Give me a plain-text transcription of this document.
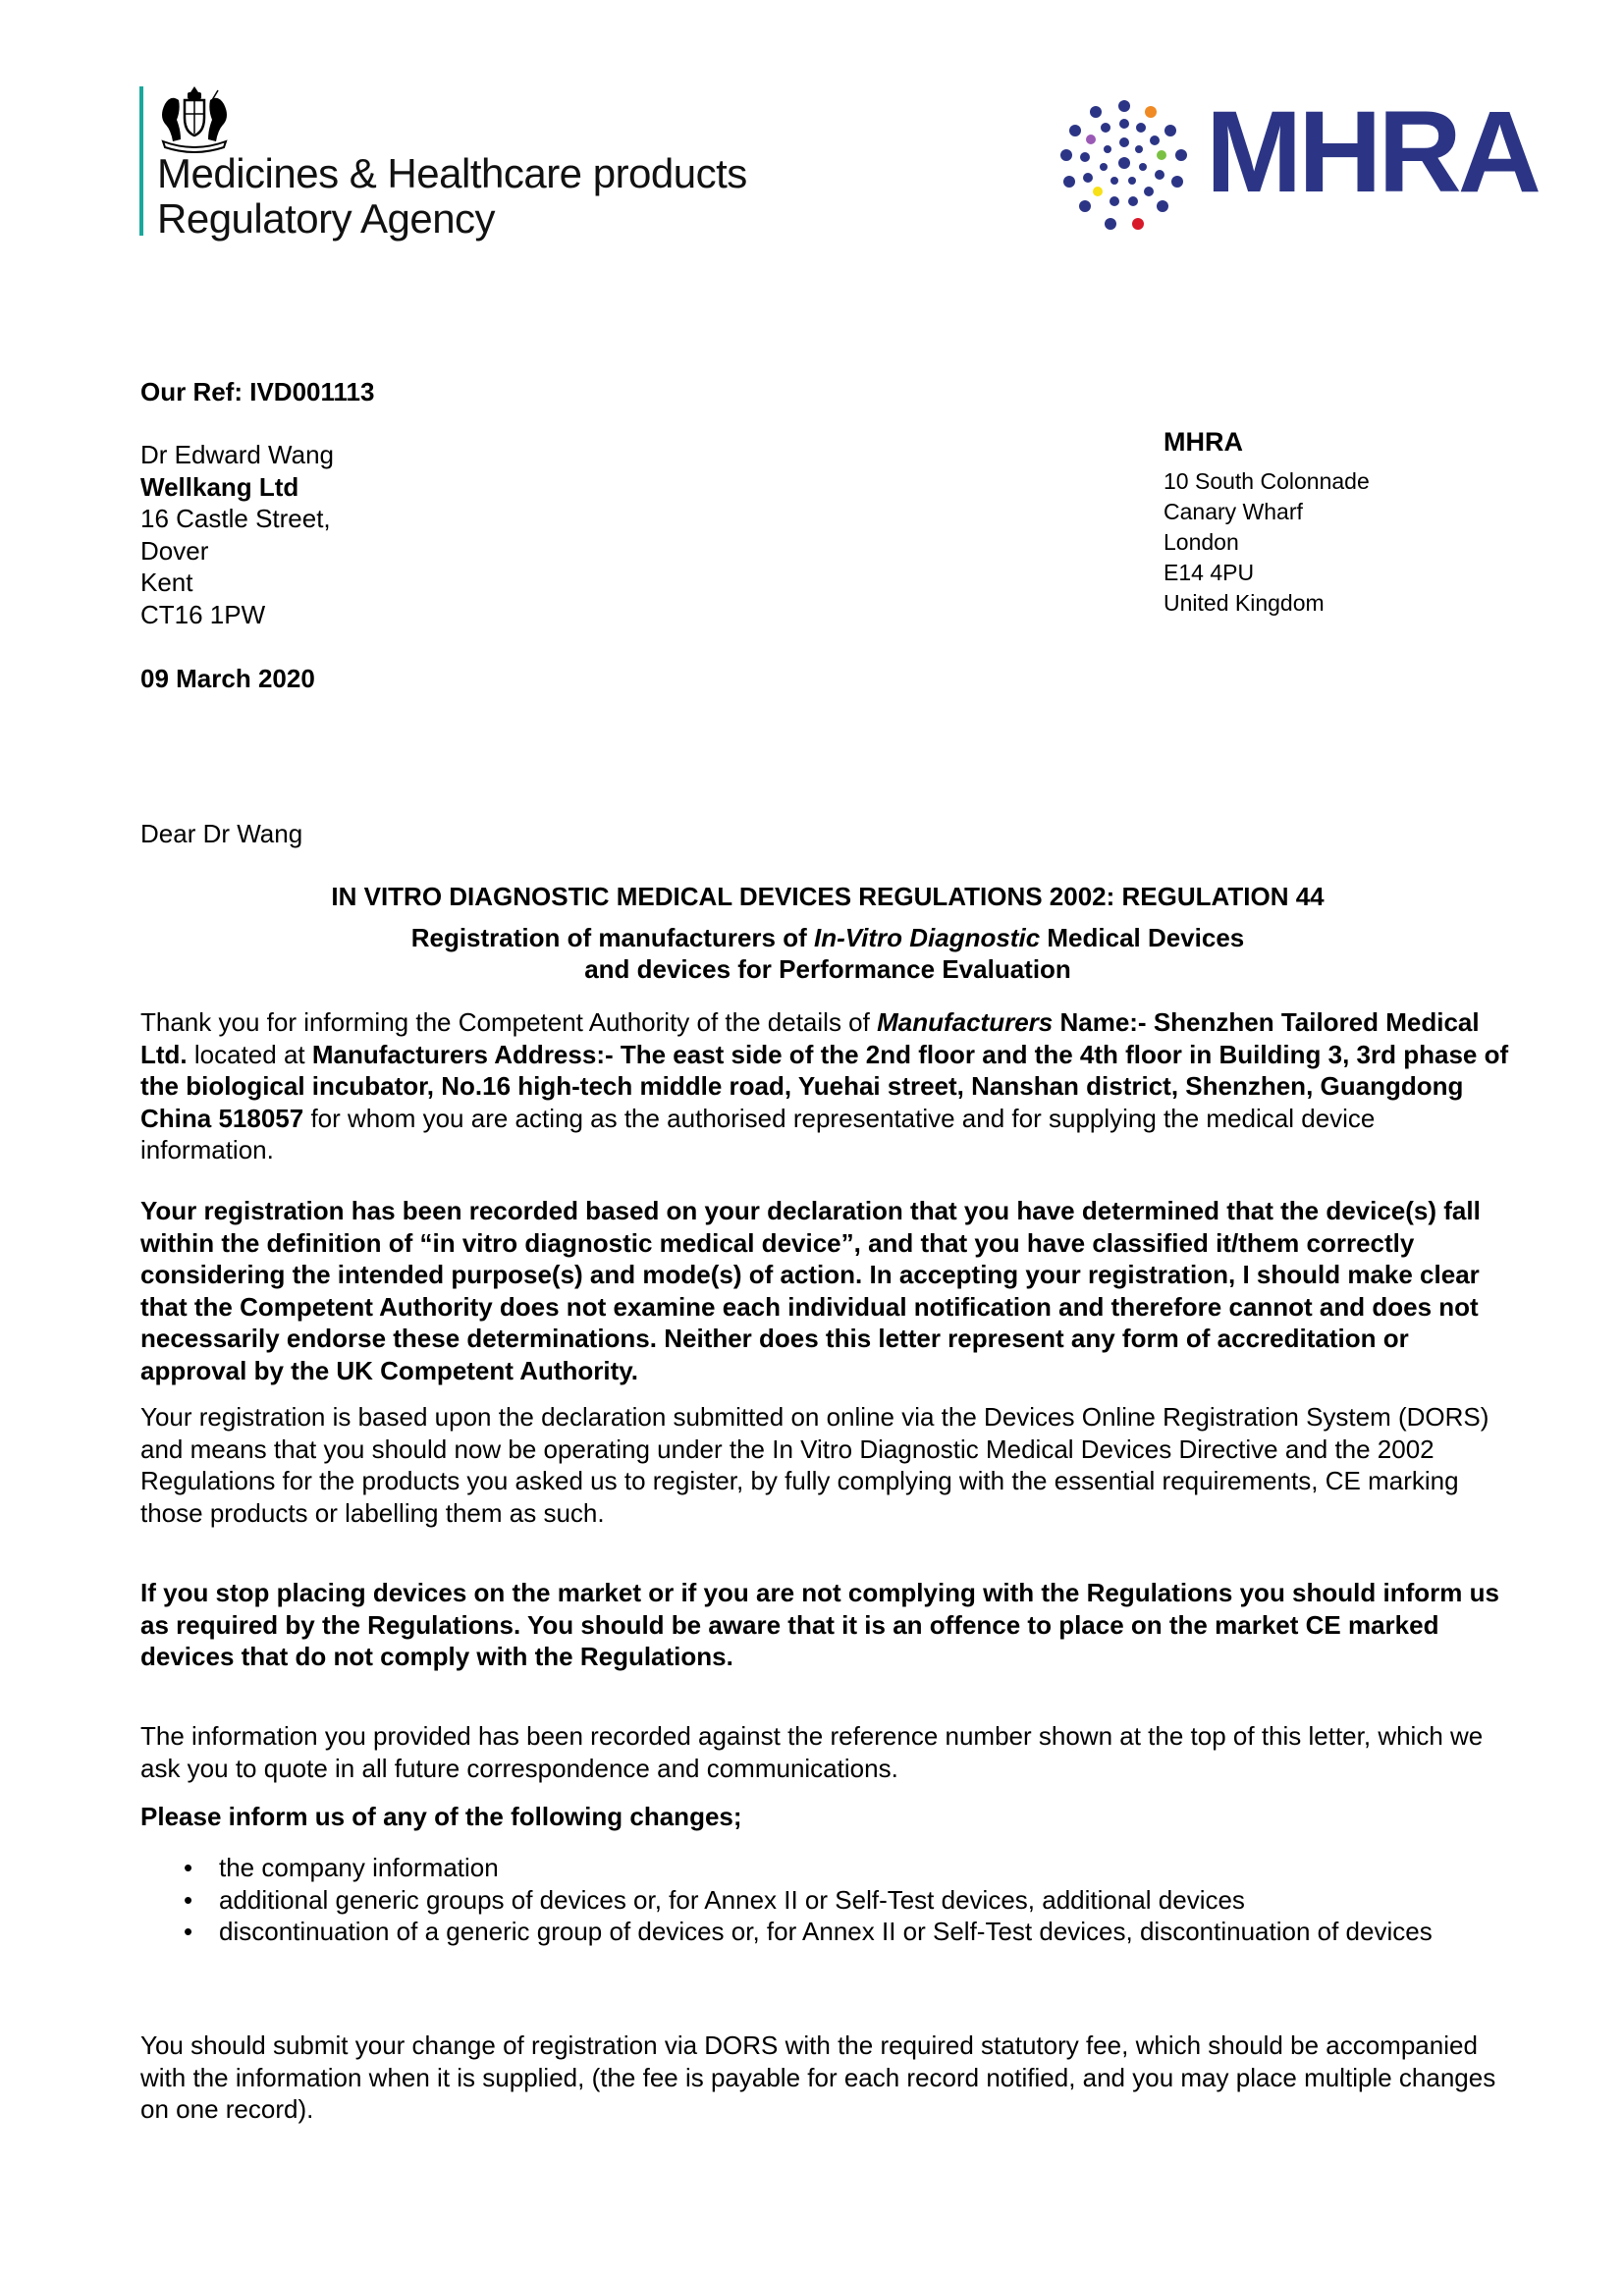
Medicines & Healthcare products
Regulatory Agency
MHRA
Our Ref: IVD001113
Dr Edward Wang
Wellkang Ltd
16 Castle Street,
Dover
Kent
CT16 1PW
MHRA
10 South Colonnade
Canary Wharf
London
E14 4PU
United Kingdom
09 March 2020
Dear Dr Wang
IN VITRO DIAGNOSTIC MEDICAL DEVICES REGULATIONS 2002: REGULATION 44
Registration of manufacturers of In-Vitro Diagnostic Medical Devices
and devices for Performance Evaluation
Thank you for informing the Competent Authority of the details of Manufacturers Name:- Shenzhen Tailored Medical Ltd. located at Manufacturers Address:- The east side of the 2nd floor and the 4th floor in Building 3, 3rd phase of the biological incubator, No.16 high-tech middle road, Yuehai street, Nanshan district, Shenzhen, Guangdong China 518057 for whom you are acting as the authorised representative and for supplying the medical device information.
Your registration has been recorded based on your declaration that you have determined that the device(s) fall within the definition of “in vitro diagnostic medical device”, and that you have classified it/them correctly considering the intended purpose(s) and mode(s) of action. In accepting your registration, I should make clear that the Competent Authority does not examine each individual notification and therefore cannot and does not necessarily endorse these determinations. Neither does this letter represent any form of accreditation or approval by the UK Competent Authority.
Your registration is based upon the declaration submitted on online via the Devices Online Registration System (DORS) and means that you should now be operating under the In Vitro Diagnostic Medical Devices Directive and the 2002 Regulations for the products you asked us to register, by fully complying with the essential requirements, CE marking those products or labelling them as such.
If you stop placing devices on the market or if you are not complying with the Regulations you should inform us as required by the Regulations. You should be aware that it is an offence to place on the market CE marked devices that do not comply with the Regulations.
The information you provided has been recorded against the reference number shown at the top of this letter, which we ask you to quote in all future correspondence and communications.
Please inform us of any of the following changes;
• the company information
• additional generic groups of devices or, for Annex II or Self-Test devices, additional devices
• discontinuation of a generic group of devices or, for Annex II or Self-Test devices, discontinuation of devices
You should submit your change of registration via DORS with the required statutory fee, which should be accompanied with the information when it is supplied, (the fee is payable for each record notified, and you may place multiple changes on one record).
